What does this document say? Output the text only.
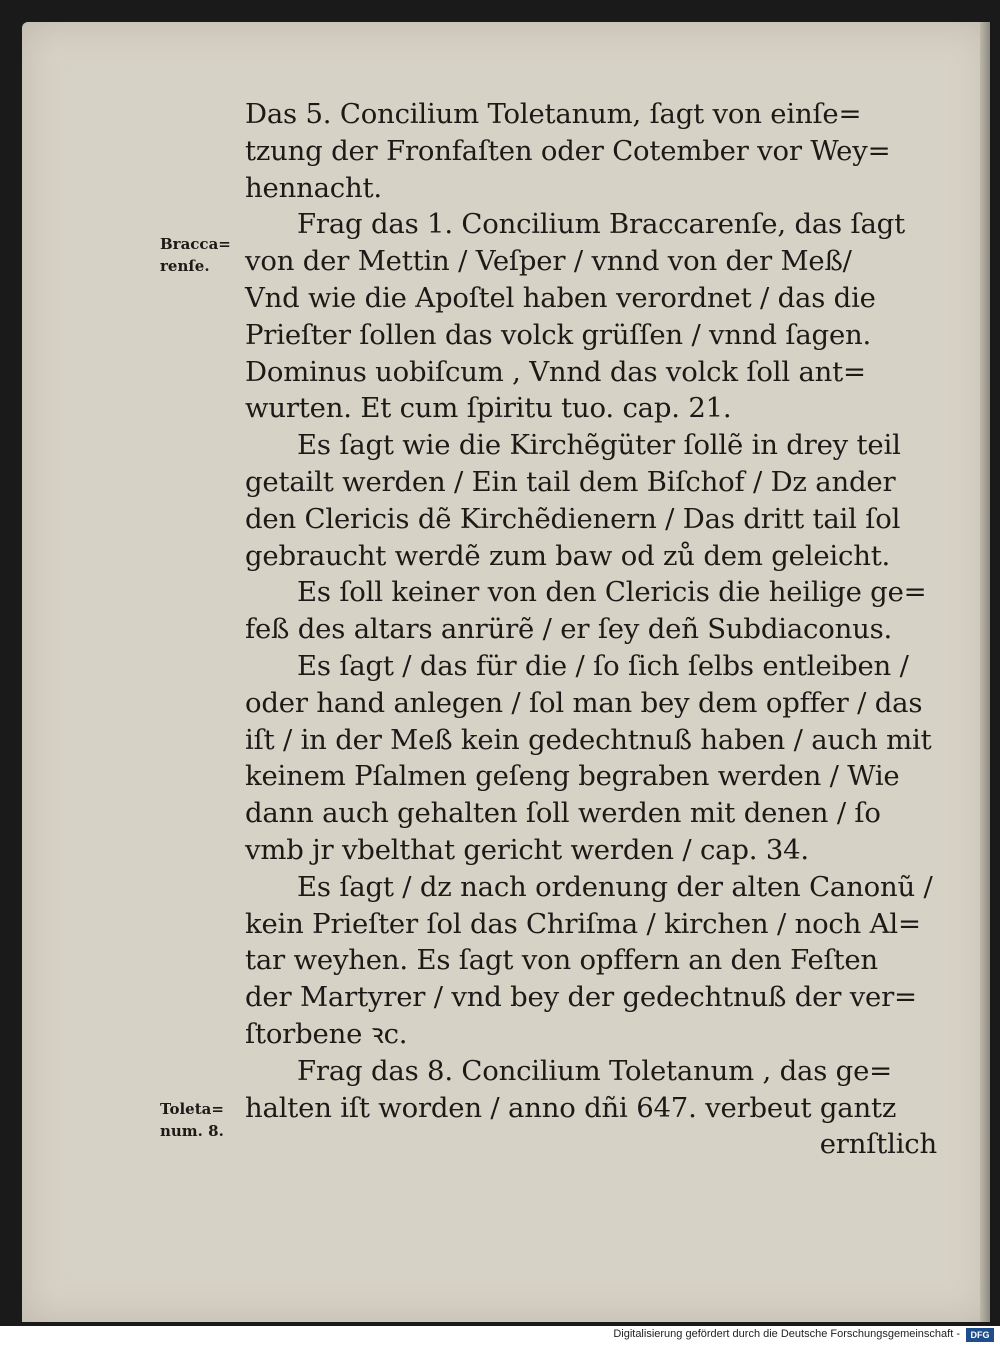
Bracca=
renſe.
Toleta=
num. 8.
Das 5. Concilium Toletanum, ſagt von einſe=
tzung der Fronfaſten oder Cotember vor Wey=
hennacht.
Frag das 1. Concilium Braccarenſe, das ſagt
von der Mettin / Veſper / vnnd von der Meß/
Vnd wie die Apoſtel haben verordnet / das die
Prieſter ſollen das volck grüſſen / vnnd ſagen.
Dominus uobiſcum , Vnnd das volck ſoll ant=
wurten. Et cum ſpiritu tuo. cap. 21.
Es ſagt wie die Kirchẽgüter ſollẽ in drey teil
getailt werden / Ein tail dem Biſchof / Dz ander
den Clericis dẽ Kirchẽdienern / Das dritt tail ſol
gebraucht werdẽ zum baw od zů dem geleicht.
Es ſoll keiner von den Clericis die heilige ge=
feß des altars anrürẽ / er ſey deñ Subdiaconus.
Es ſagt / das für die / ſo ſich ſelbs entleiben /
oder hand anlegen / ſol man bey dem opffer / das
iſt / in der Meß kein gedechtnuß haben / auch mit
keinem Pſalmen geſeng begraben werden / Wie
dann auch gehalten ſoll werden mit denen / ſo
vmb jr vbelthat gericht werden / cap. 34.
Es ſagt / dz nach ordenung der alten Canonũ /
kein Prieſter ſol das Chriſma / kirchen / noch Al=
tar weyhen. Es ſagt von opffern an den Feſten
der Martyrer / vnd bey der gedechtnuß der ver=
ſtorbene ꝛc.
Frag das 8. Concilium Toletanum , das ge=
halten iſt worden / anno dñi 647. verbeut gantz
ernſtlich
Digitalisierung gefördert durch die Deutsche Forschungsgemeinschaft -	DFG
